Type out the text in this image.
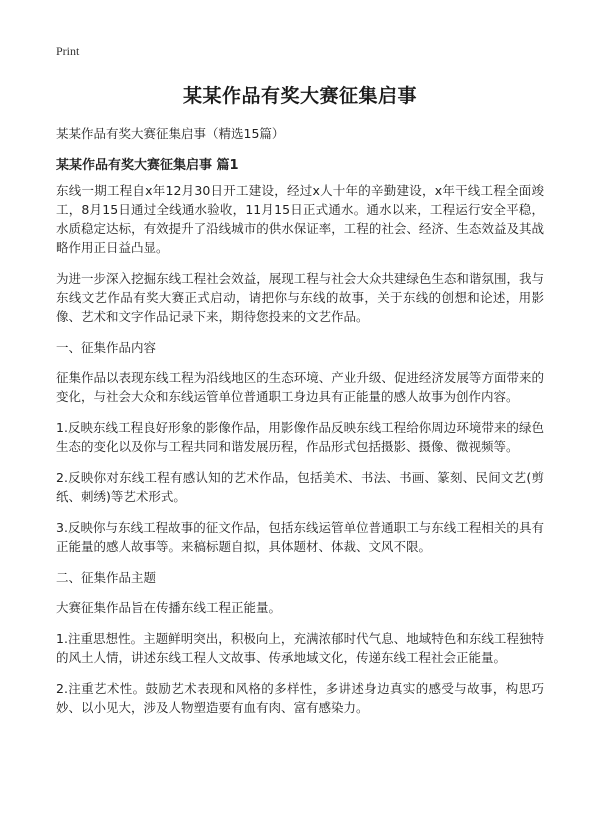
Print
某某作品有奖大赛征集启事
某某作品有奖大赛征集启事（精选15篇）
某某作品有奖大赛征集启事 篇1

东线一期工程自x年12月30日开工建设，经过x人十年的辛勤建设，x年干线工程全面竣工，8月15日通过全线通水验收，11月15日正式通水。通水以来，工程运行安全平稳，水质稳定达标，有效提升了沿线城市的供水保证率，工程的社会、经济、生态效益及其战略作用正日益凸显。

为进一步深入挖掘东线工程社会效益，展现工程与社会大众共建绿色生态和谐氛围，我与东线文艺作品有奖大赛正式启动，请把你与东线的故事，关于东线的创想和论述，用影像、艺术和文字作品记录下来，期待您投来的文艺作品。

一、征集作品内容

征集作品以表现东线工程为沿线地区的生态环境、产业升级、促进经济发展等方面带来的变化，与社会大众和东线运管单位普通职工身边具有正能量的感人故事为创作内容。

1.反映东线工程良好形象的影像作品，用影像作品反映东线工程给你周边环境带来的绿色生态的变化以及你与工程共同和谐发展历程，作品形式包括摄影、摄像、微视频等。

2.反映你对东线工程有感认知的艺术作品，包括美术、书法、书画、篆刻、民间文艺(剪纸、刺绣)等艺术形式。

3.反映你与东线工程故事的征文作品，包括东线运管单位普通职工与东线工程相关的具有正能量的感人故事等。来稿标题自拟，具体题材、体裁、文风不限。

二、征集作品主题

大赛征集作品旨在传播东线工程正能量。

1.注重思想性。主题鲜明突出，积极向上，充满浓郁时代气息、地域特色和东线工程独特的风土人情，讲述东线工程人文故事、传承地域文化，传递东线工程社会正能量。

2.注重艺术性。鼓励艺术表现和风格的多样性，多讲述身边真实的感受与故事，构思巧妙、以小见大，涉及人物塑造要有血有肉、富有感染力。
